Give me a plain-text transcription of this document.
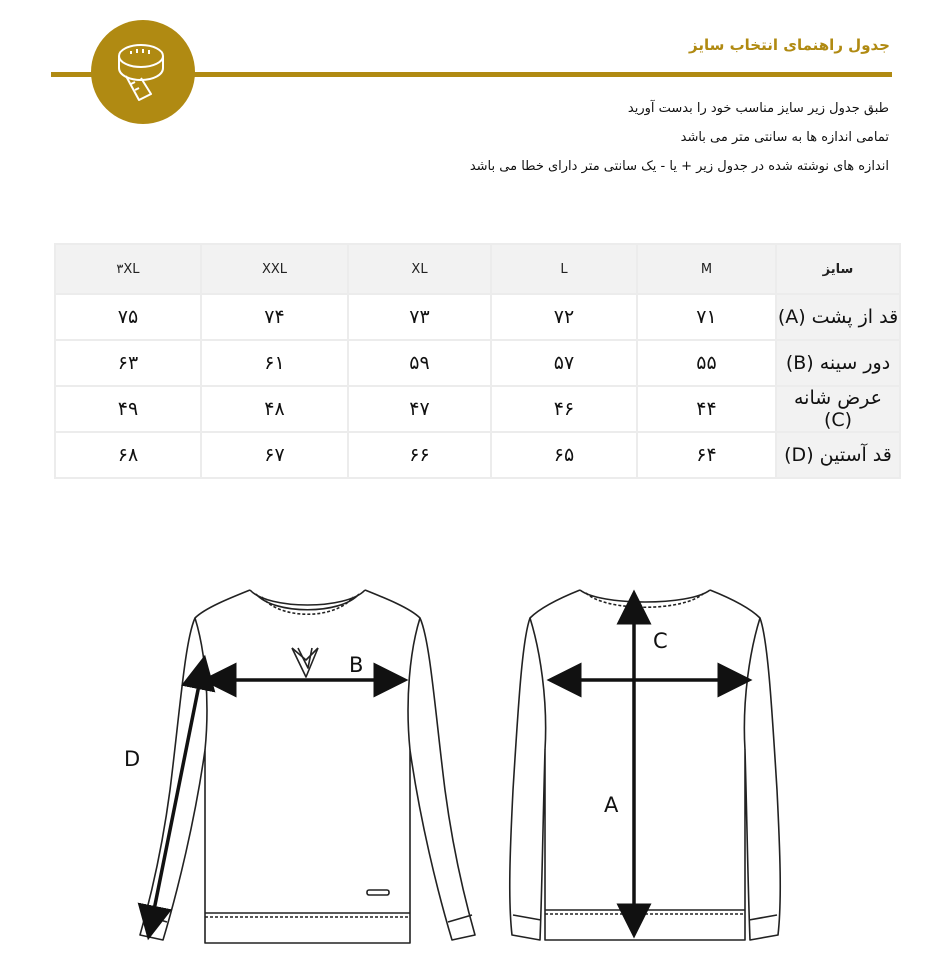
جدول راهنمای انتخاب سایز
طبق جدول زیر سایز مناسب خود را بدست آورید
تمامی اندازه ها به سانتی متر می باشد
اندازه های نوشته شده در جدول زیر + یا - یک سانتی متر دارای خطا می باشد
۳XL	XXL	XL	L	M	سایز
۷۵	۷۴	۷۳	۷۲	۷۱	قد از پشت (A)
۶۳	۶۱	۵۹	۵۷	۵۵	دور سینه (B)
۴۹	۴۸	۴۷	۴۶	۴۴	عرض شانه (C)
۶۸	۶۷	۶۶	۶۵	۶۴	قد آستین (D)
B
D
C
A
